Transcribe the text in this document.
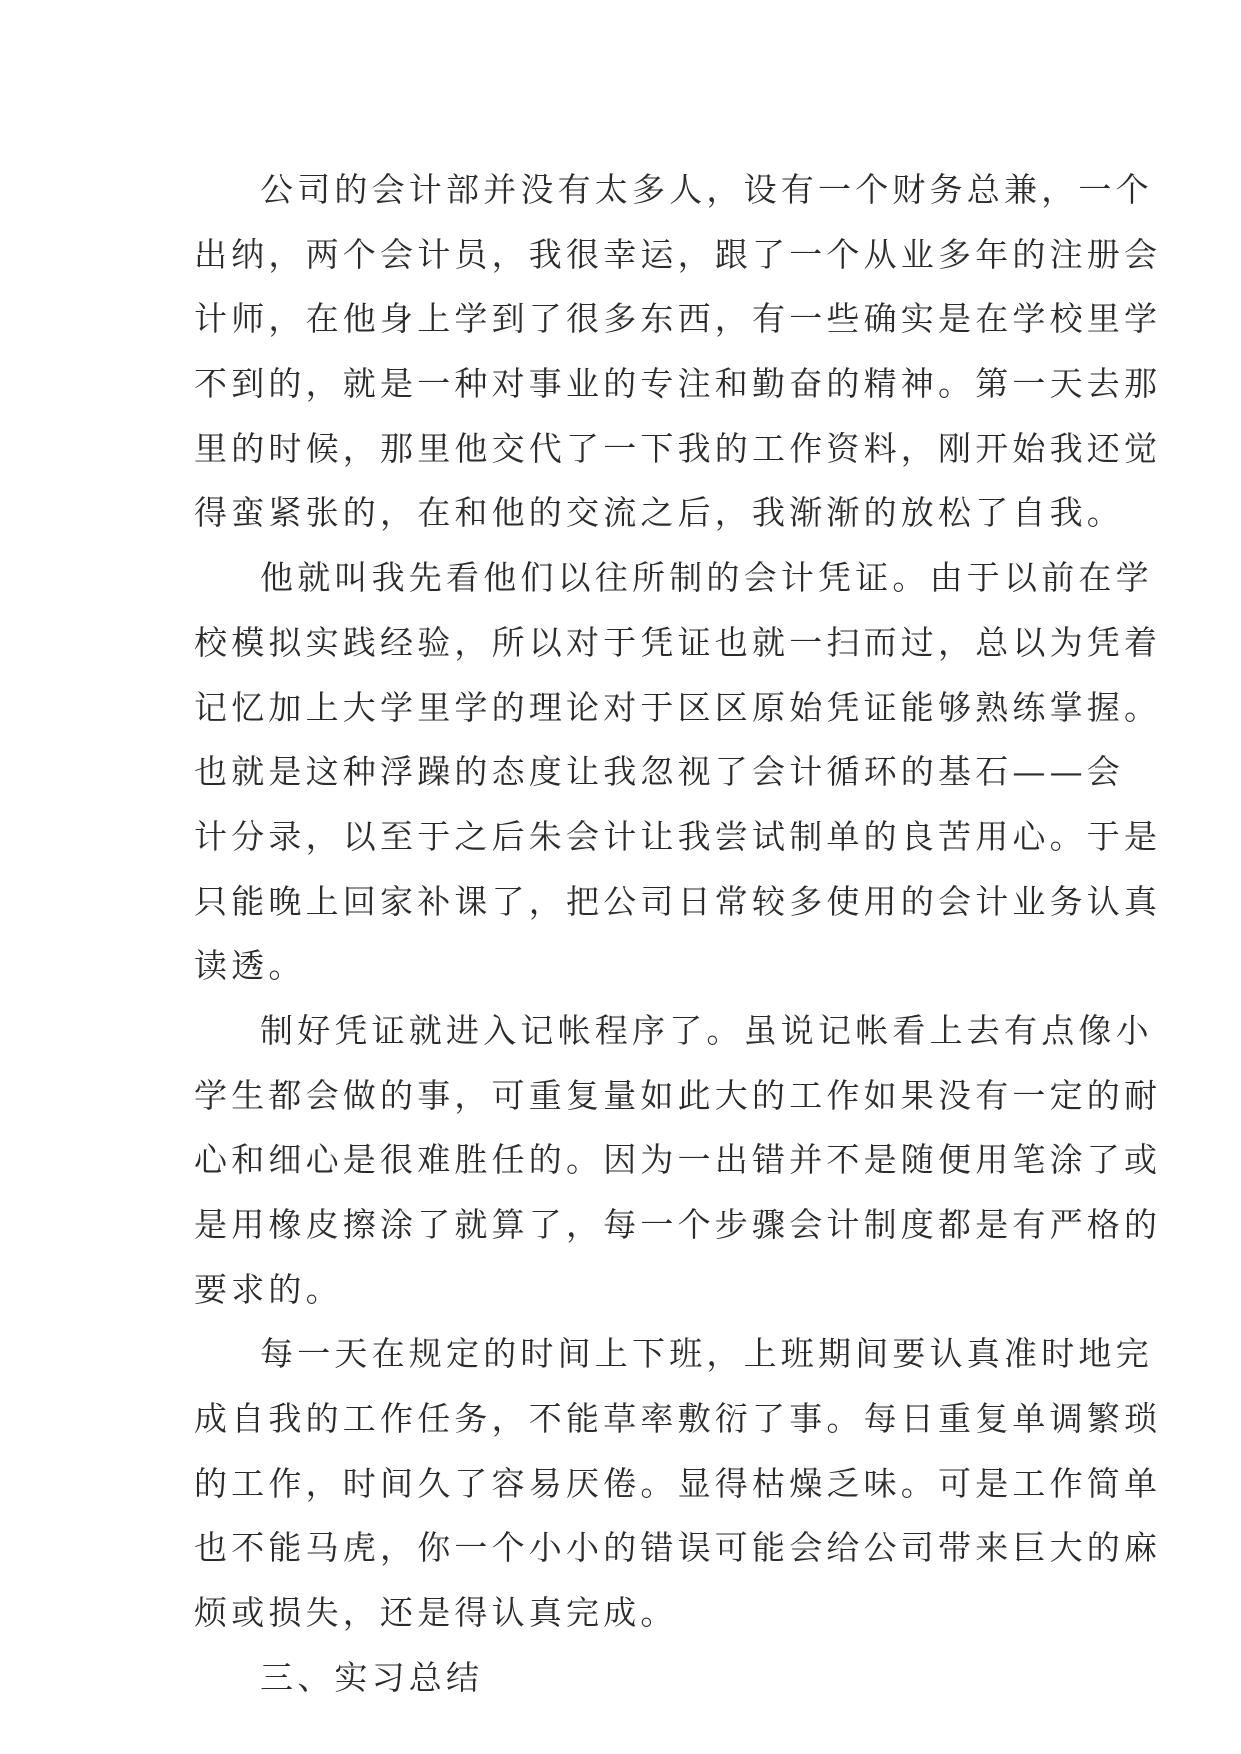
公司的会计部并没有太多人，设有一个财务总兼，一个
出纳，两个会计员，我很幸运，跟了一个从业多年的注册会
计师，在他身上学到了很多东西，有一些确实是在学校里学
不到的，就是一种对事业的专注和勤奋的精神。第一天去那
里的时候，那里他交代了一下我的工作资料，刚开始我还觉
得蛮紧张的，在和他的交流之后，我渐渐的放松了自我。
他就叫我先看他们以往所制的会计凭证。由于以前在学
校模拟实践经验，所以对于凭证也就一扫而过，总以为凭着
记忆加上大学里学的理论对于区区原始凭证能够熟练掌握。
也就是这种浮躁的态度让我忽视了会计循环的基石——会
计分录，以至于之后朱会计让我尝试制单的良苦用心。于是
只能晚上回家补课了，把公司日常较多使用的会计业务认真
读透。
制好凭证就进入记帐程序了。虽说记帐看上去有点像小
学生都会做的事，可重复量如此大的工作如果没有一定的耐
心和细心是很难胜任的。因为一出错并不是随便用笔涂了或
是用橡皮擦涂了就算了，每一个步骤会计制度都是有严格的
要求的。
每一天在规定的时间上下班，上班期间要认真准时地完
成自我的工作任务，不能草率敷衍了事。每日重复单调繁琐
的工作，时间久了容易厌倦。显得枯燥乏味。可是工作简单
也不能马虎，你一个小小的错误可能会给公司带来巨大的麻
烦或损失，还是得认真完成。
三、实习总结
